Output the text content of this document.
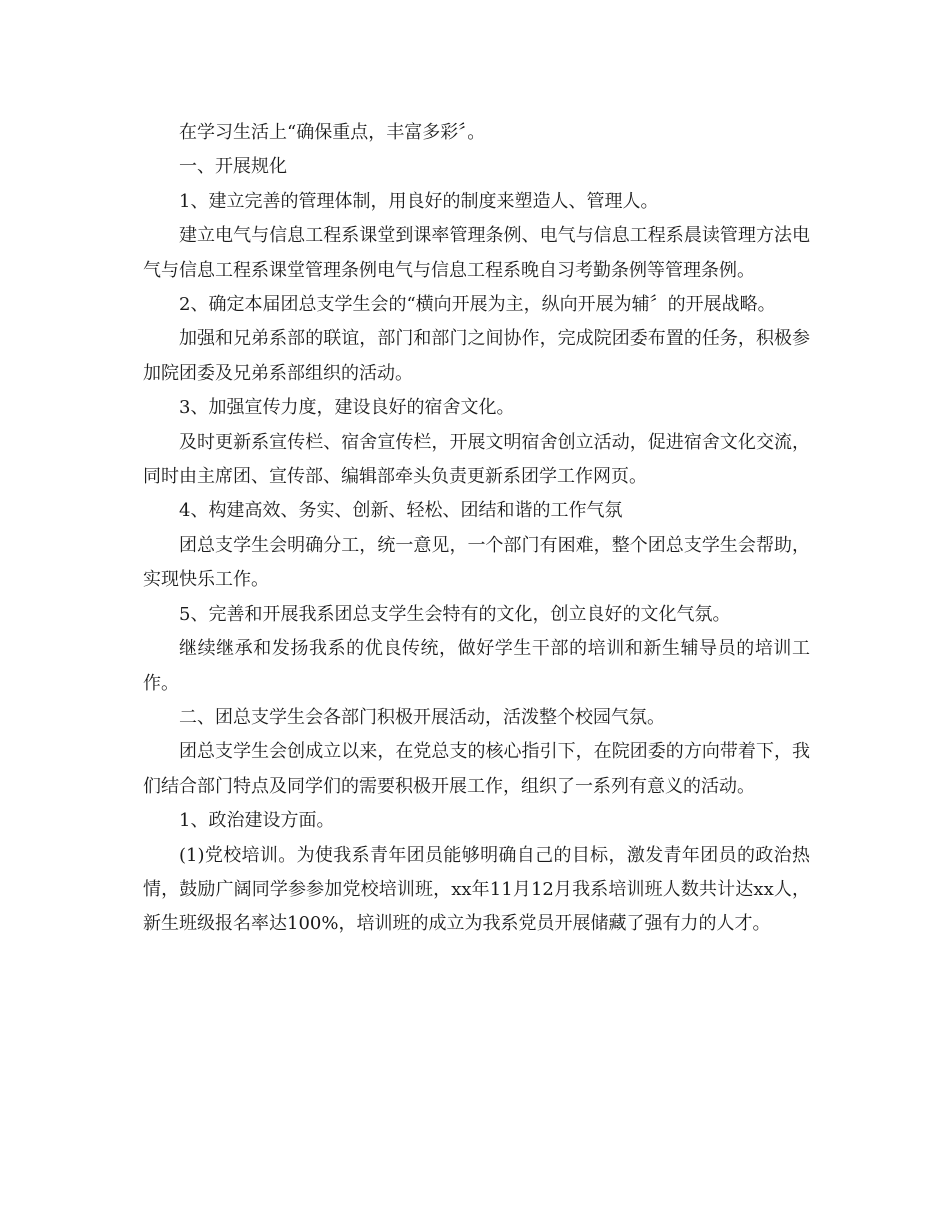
在学习生活上“确保重点，丰富多彩〞。

一、开展规化

1、建立完善的管理体制，用良好的制度来塑造人、管理人。

建立电气与信息工程系课堂到课率管理条例、电气与信息工程系晨读管理方法电气与信息工程系课堂管理条例电气与信息工程系晚自习考勤条例等管理条例。

2、确定本届团总支学生会的“横向开展为主，纵向开展为辅〞的开展战略。

加强和兄弟系部的联谊，部门和部门之间协作，完成院团委布置的任务，积极参加院团委及兄弟系部组织的活动。

3、加强宣传力度，建设良好的宿舍文化。

及时更新系宣传栏、宿舍宣传栏，开展文明宿舍创立活动，促进宿舍文化交流，同时由主席团、宣传部、编辑部牵头负责更新系团学工作网页。

4、构建高效、务实、创新、轻松、团结和谐的工作气氛

团总支学生会明确分工，统一意见，一个部门有困难，整个团总支学生会帮助，实现快乐工作。

5、完善和开展我系团总支学生会特有的文化，创立良好的文化气氛。

继续继承和发扬我系的优良传统，做好学生干部的培训和新生辅导员的培训工作。

二、团总支学生会各部门积极开展活动，活泼整个校园气氛。

团总支学生会创成立以来，在党总支的核心指引下，在院团委的方向带着下，我们结合部门特点及同学们的需要积极开展工作，组织了一系列有意义的活动。

1、政治建设方面。

(1)党校培训。为使我系青年团员能够明确自己的目标，激发青年团员的政治热情，鼓励广阔同学参参加党校培训班，xx年11月12月我系培训班人数共计达xx人，新生班级报名率达100%，培训班的成立为我系党员开展储藏了强有力的人才。
